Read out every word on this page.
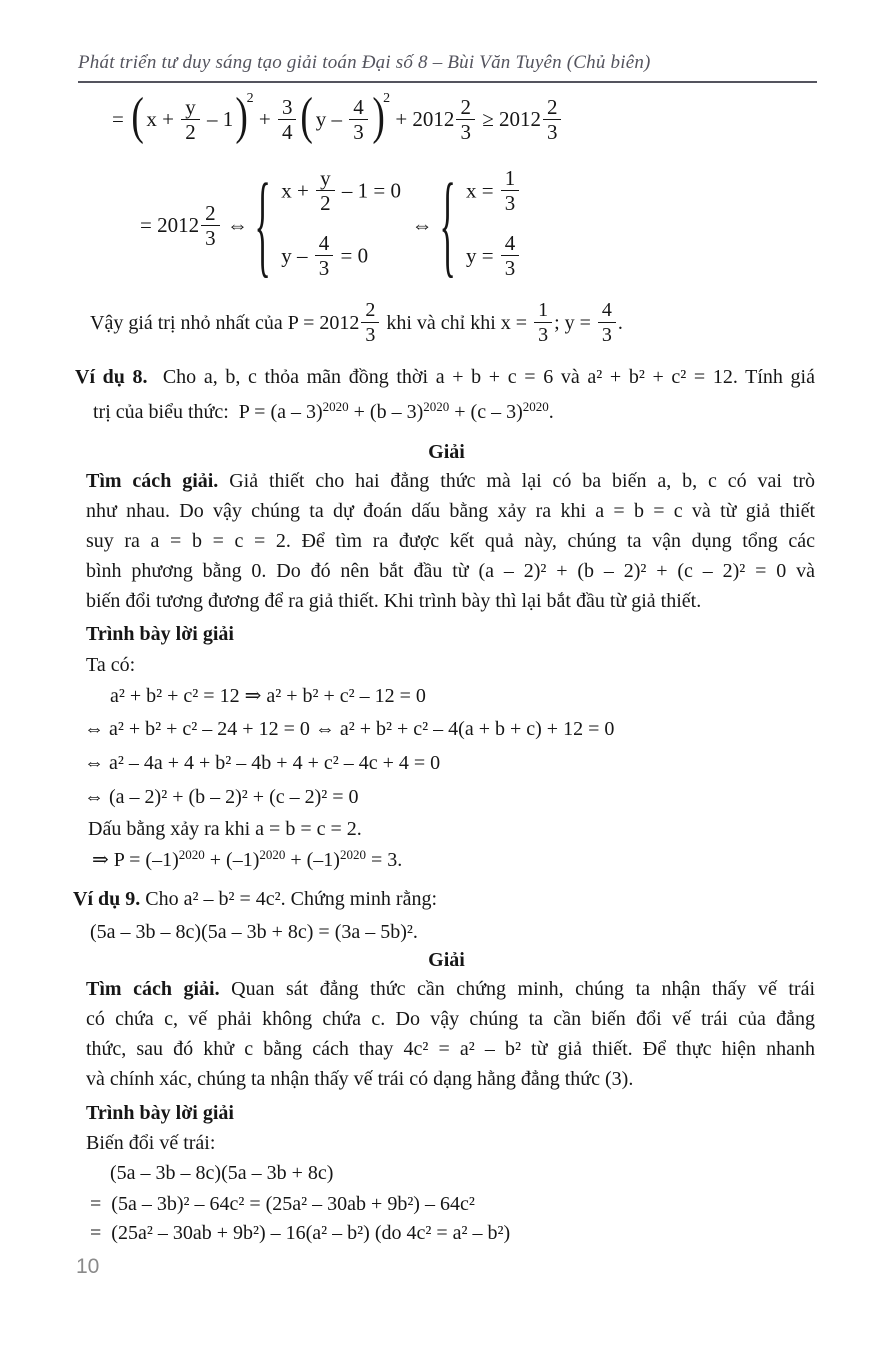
Phát triển tư duy sáng tạo giải toán Đại số 8 – Bùi Văn Tuyên (Chủ biên)
= ( $x + \frac{y}{2} - 1)^2 + \frac{3}{4}$ ( $y - \frac{4}{3} )^2 + 2012 \frac{2}{3} \ge 2012 \frac{2}{3}$
= $2012 \frac{2}{3}$ ⇔ { $x + \frac{y}{2} - 1 = 0$
$y - \frac{4}{3} = 0$
⇔ { $x = \frac{1}{3}$
$y = \frac{4}{3}$
Vậy giá trị nhỏ nhất của $P = 2012 \frac{2}{3}$ khi và chỉ khi $x = \frac{1}{3}$ ; $y = \frac{4}{3}$ .
Ví dụ 8.  Cho a, b, c thỏa mãn đồng thời a + b + c = 6 và a² + b² + c² = 12. Tính giá
trị của biểu thức:  P = (a – 3)$^{2020}$ + (b – 3)$^{2020}$ + (c – 3)$^{2020}$.
Giải
Tìm cách giải. Giả thiết cho hai đẳng thức mà lại có ba biến a, b, c có vai trò
như nhau. Do vậy chúng ta dự đoán dấu bằng xảy ra khi a = b = c và từ giả thiết
suy ra a = b = c = 2. Để tìm ra được kết quả này, chúng ta vận dụng tổng các
bình phương bằng 0. Do đó nên bắt đầu từ (a – 2)² + (b – 2)² + (c – 2)² = 0 và
biến đổi tương đương để ra giả thiết. Khi trình bày thì lại bắt đầu từ giả thiết.
Trình bày lời giải
Ta có:
a² + b² + c² = 12 ⇒ a² + b² + c² – 12 = 0
⇔ a² + b² + c² – 24 + 12 = 0 ⇔ a² + b² + c² – 4(a + b + c) + 12 = 0
⇔ a² – 4a + 4 + b² – 4b + 4 + c² – 4c + 4 = 0
⇔ (a – 2)² + (b – 2)² + (c – 2)² = 0
Dấu bằng xảy ra khi a = b = c = 2.
⇒ $P = (-1)^{2020} + (-1)^{2020} + (-1)^{2020} = 3$.
Ví dụ 9. Cho a² – b² = 4c². Chứng minh rằng:
(5a – 3b – 8c)(5a – 3b + 8c) = (3a – 5b)².
Giải
Tìm cách giải. Quan sát đẳng thức cần chứng minh, chúng ta nhận thấy vế trái
có chứa c, vế phải không chứa c. Do vậy chúng ta cần biến đổi vế trái của đẳng
thức, sau đó khử c bằng cách thay 4c² = a² – b² từ giả thiết. Để thực hiện nhanh
và chính xác, chúng ta nhận thấy vế trái có dạng hằng đẳng thức (3).
Trình bày lời giải
Biến đổi vế trái:
(5a – 3b – 8c)(5a – 3b + 8c)
=  (5a – 3b)² – 64c² = (25a² – 30ab + 9b²) – 64c²
=  (25a² – 30ab + 9b²) – 16(a² – b²) (do 4c² = a² – b²)
10
